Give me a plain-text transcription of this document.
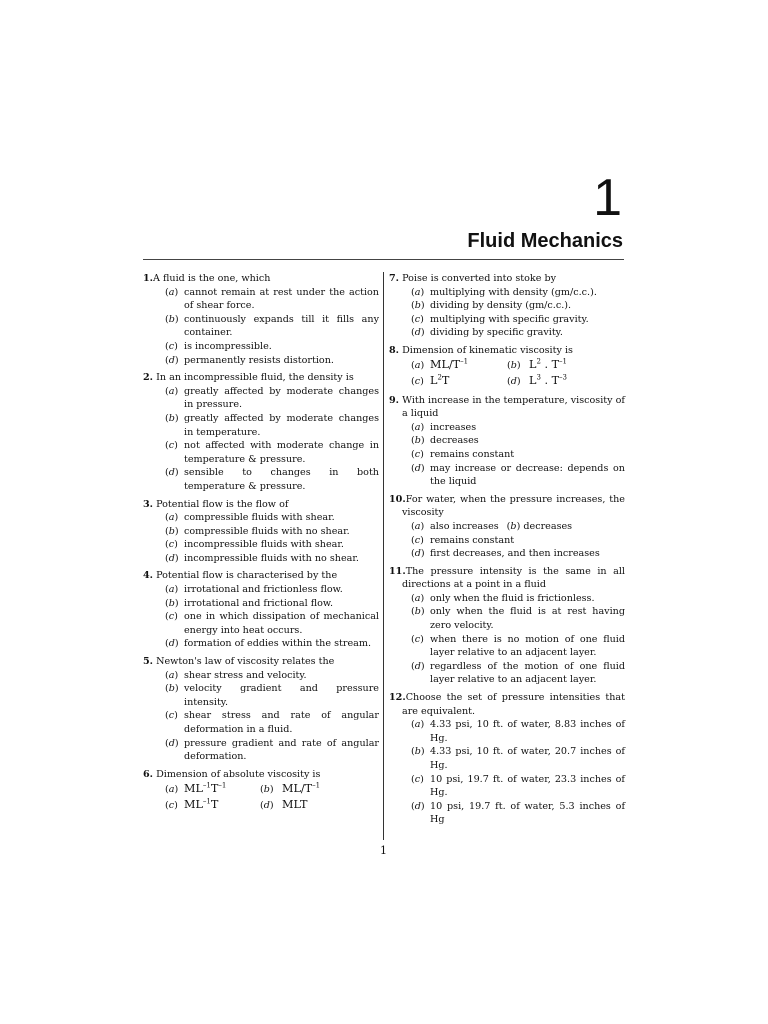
1
Fluid Mechanics
1.A fluid is the one, which
(a) cannot remain at rest under the action of shear force.
(b) continuously expands till it fills any container.
(c) is incompressible.
(d) permanently resists distortion.
2. In an incompressible fluid, the density is
(a) greatly affected by moderate changes in pressure.
(b) greatly affected by moderate changes in temperature.
(c) not affected with moderate change in temperature & pressure.
(d) sensible to changes in both temperature & pressure.
3. Potential flow is the flow of
(a) compressible fluids with shear.
(b) compressible fluids with no shear.
(c) incompressible fluids with shear.
(d) incompressible fluids with no shear.
4. Potential flow is characterised by the
(a) irrotational and frictionless flow.
(b) irrotational and frictional flow.
(c) one in which dissipation of mechanical energy into heat occurs.
(d) formation of eddies within the stream.
5. Newton's law of viscosity relates the
(a) shear stress and velocity.
(b) velocity gradient and pressure intensity.
(c) shear stress and rate of angular deformation in a fluid.
(d) pressure gradient and rate of angular deformation.
6. Dimension of absolute viscosity is
(a) $ML^{-1}T^{-1}$	(b) $ML/T^{-1}$
(c) $ML^{-1}T$	(d) MLT
7. Poise is converted into stoke by
(a) multiplying with density (gm/c.c.).
(b) dividing by density (gm/c.c.).
(c) multiplying with specific gravity.
(d) dividing by specific gravity.
8. Dimension of kinematic viscosity is
(a) $ML/T^{-1}$	(b) $L^2$ . $T^{-1}$
(c) $L^2T$	(d) $L^3$ . $T^{-3}$
9. With increase in the temperature, viscosity of a liquid
(a) increases
(b) decreases
(c) remains constant
(d) may increase or decrease: depends on the liquid
10.For water, when the pressure increases, the viscosity
(a) also increases (b) decreases
(c) remains constant
(d) first decreases, and then increases
11.The pressure intensity is the same in all directions at a point in a fluid
(a) only when the fluid is frictionless.
(b) only when the fluid is at rest having zero velocity.
(c) when there is no motion of one fluid layer relative to an adjacent layer.
(d) regardless of the motion of one fluid layer relative to an adjacent layer.
12.Choose the set of pressure intensities that are equivalent.
(a) 4.33 psi, 10 ft. of water, 8.83 inches of Hg.
(b) 4.33 psi, 10 ft. of water, 20.7 inches of Hg.
(c) 10 psi, 19.7 ft. of water, 23.3 inches of Hg.
(d) 10 psi, 19.7 ft. of water, 5.3 inches of Hg
1
